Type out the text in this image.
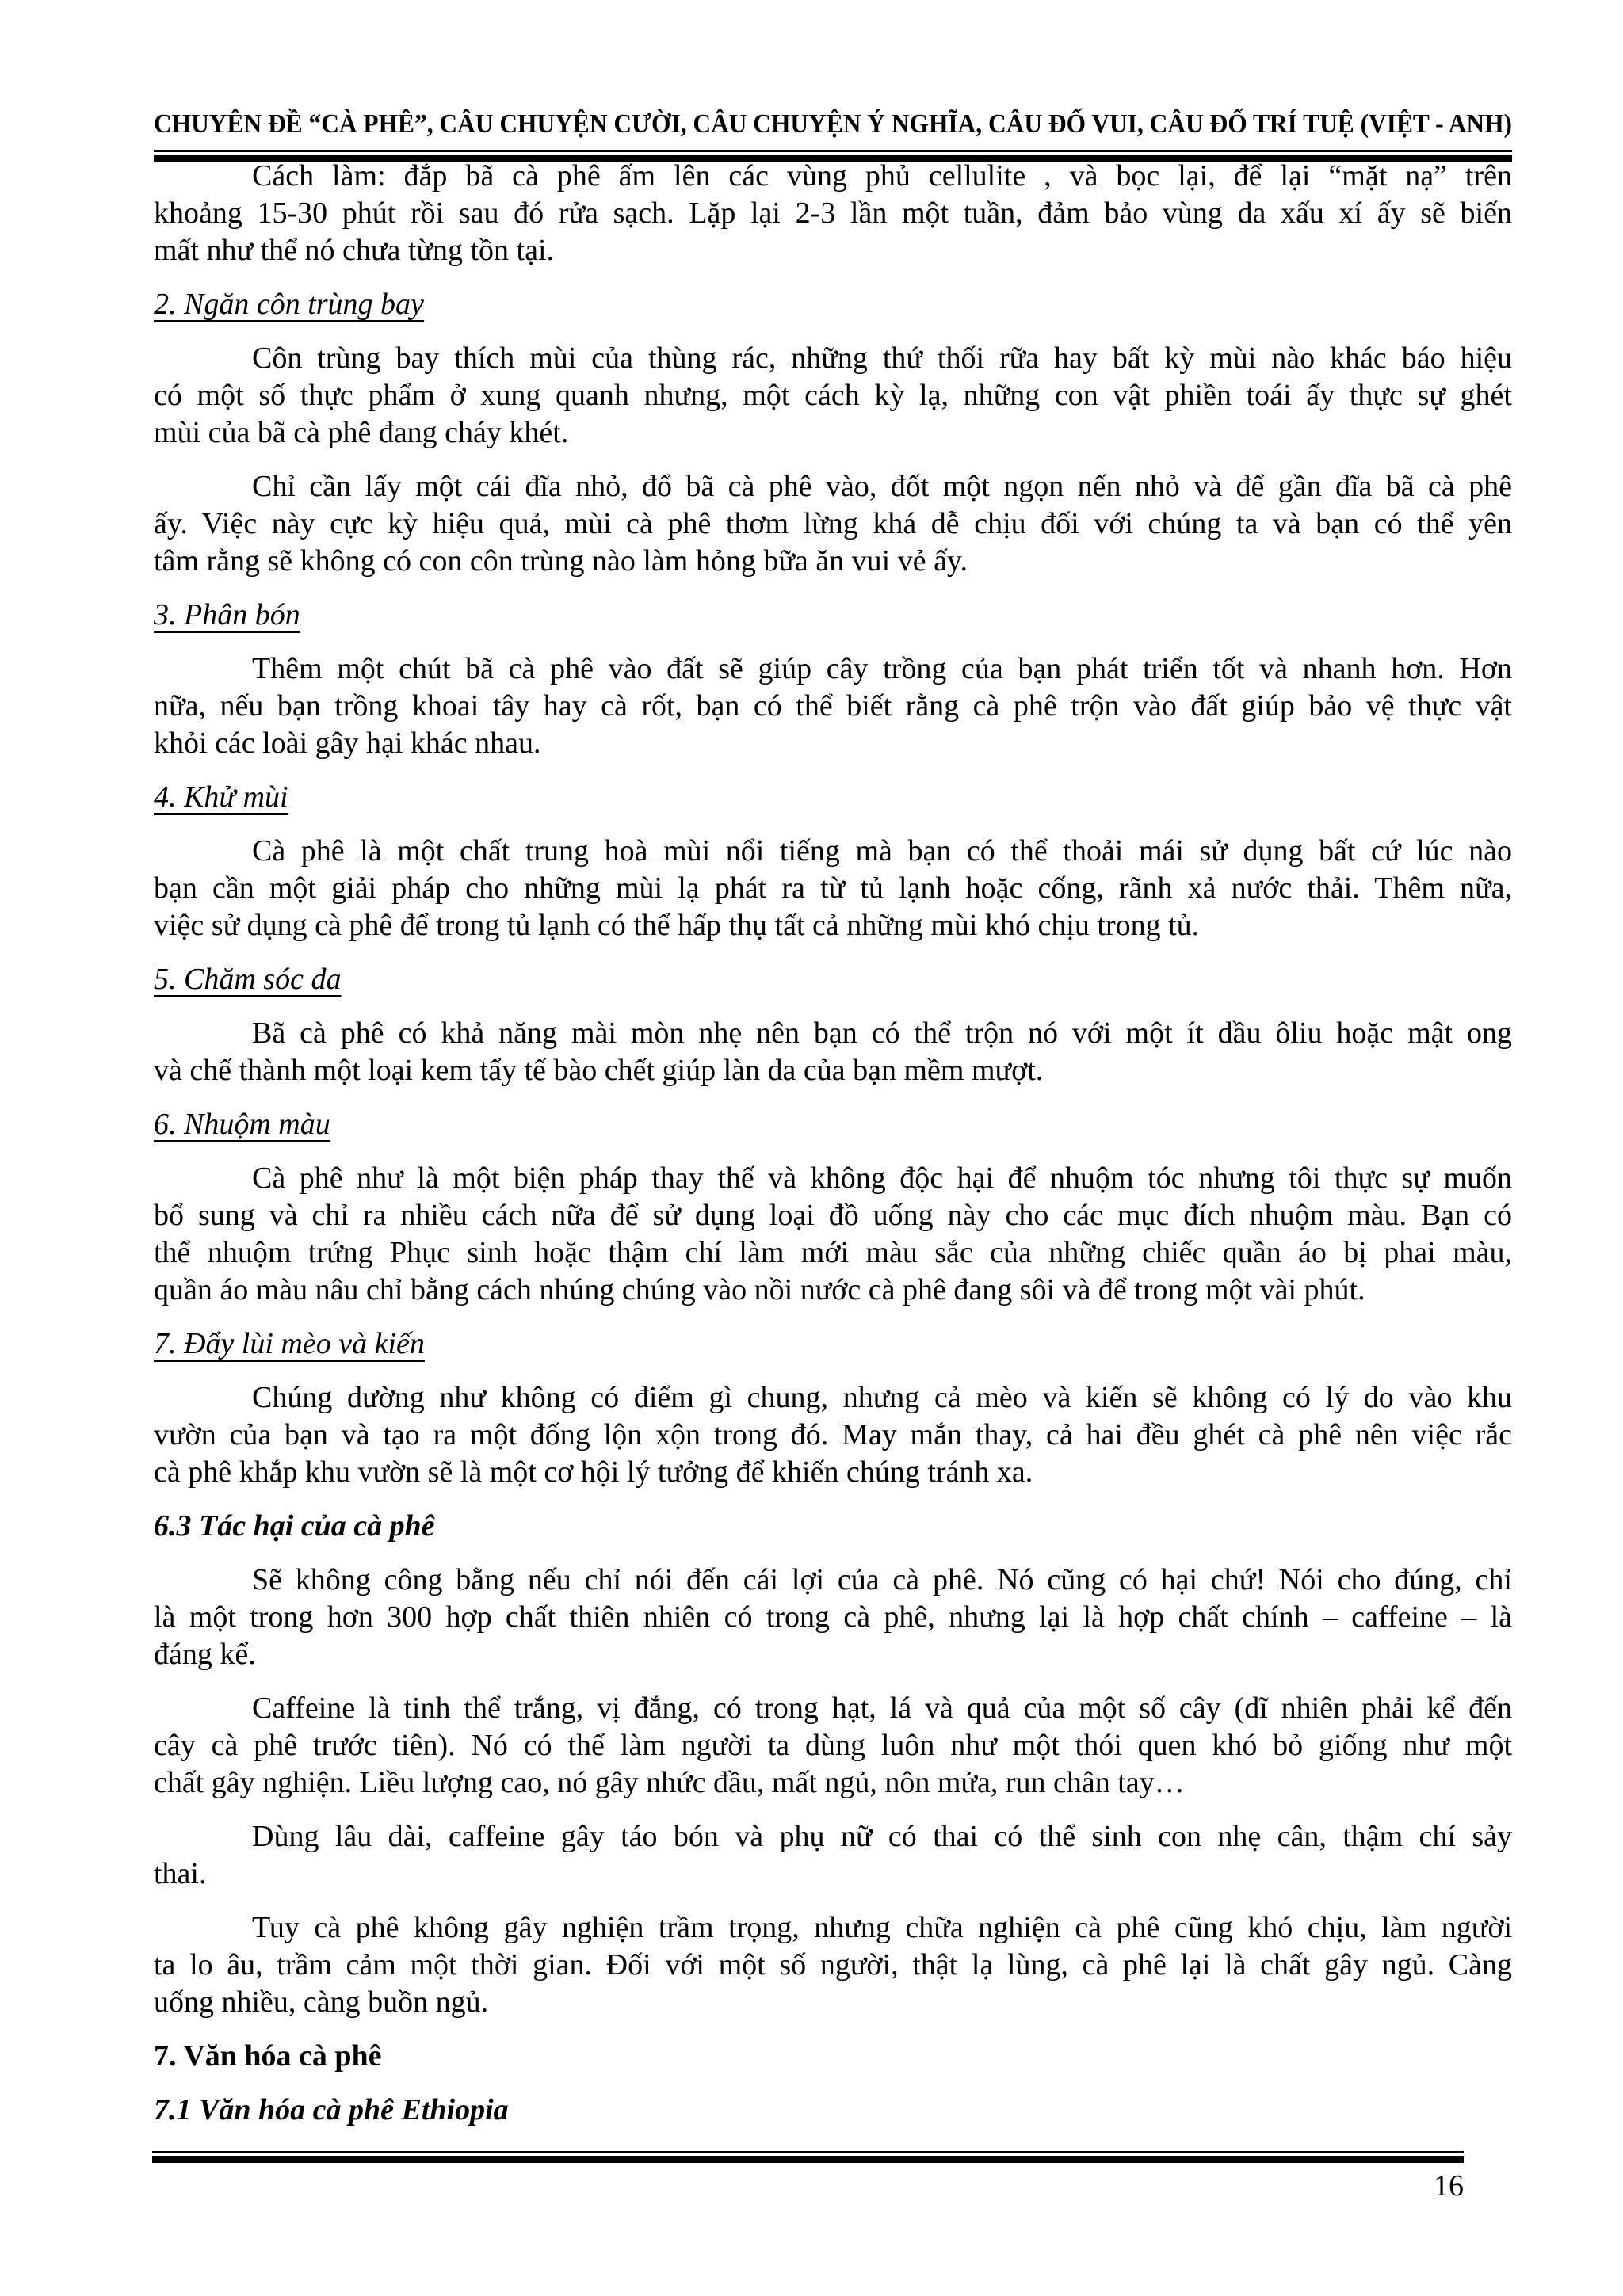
CHUYÊN ĐỀ “CÀ PHÊ”, CÂU CHUYỆN CƯỜI, CÂU CHUYỆN Ý NGHĨA, CÂU ĐỐ VUI, CÂU ĐỐ TRÍ TUỆ (VIỆT - ANH)
Cách làm: đắp bã cà phê ấm lên các vùng phủ cellulite , và bọc lại, để lại “mặt nạ” trên
khoảng 15-30 phút rồi sau đó rửa sạch. Lặp lại 2-3 lần một tuần, đảm bảo vùng da xấu xí ấy sẽ biến
mất như thể nó chưa từng tồn tại.
2. Ngăn côn trùng bay
Côn trùng bay thích mùi của thùng rác, những thứ thối rữa hay bất kỳ mùi nào khác báo hiệu
có một số thực phẩm ở xung quanh nhưng, một cách kỳ lạ, những con vật phiền toái ấy thực sự ghét
mùi của bã cà phê đang cháy khét.
Chỉ cần lấy một cái đĩa nhỏ, đổ bã cà phê vào, đốt một ngọn nến nhỏ và để gần đĩa bã cà phê
ấy. Việc này cực kỳ hiệu quả, mùi cà phê thơm lừng khá dễ chịu đối với chúng ta và bạn có thể yên
tâm rằng sẽ không có con côn trùng nào làm hỏng bữa ăn vui vẻ ấy.
3. Phân bón
Thêm một chút bã cà phê vào đất sẽ giúp cây trồng của bạn phát triển tốt và nhanh hơn. Hơn
nữa, nếu bạn trồng khoai tây hay cà rốt, bạn có thể biết rằng cà phê trộn vào đất giúp bảo vệ thực vật
khỏi các loài gây hại khác nhau.
4. Khử mùi
Cà phê là một chất trung hoà mùi nổi tiếng mà bạn có thể thoải mái sử dụng bất cứ lúc nào
bạn cần một giải pháp cho những mùi lạ phát ra từ tủ lạnh hoặc cống, rãnh xả nước thải. Thêm nữa,
việc sử dụng cà phê để trong tủ lạnh có thể hấp thụ tất cả những mùi khó chịu trong tủ.
5. Chăm sóc da
Bã cà phê có khả năng mài mòn nhẹ nên bạn có thể trộn nó với một ít dầu ôliu hoặc mật ong
và chế thành một loại kem tẩy tế bào chết giúp làn da của bạn mềm mượt.
6. Nhuộm màu
Cà phê như là một biện pháp thay thế và không độc hại để nhuộm tóc nhưng tôi thực sự muốn
bổ sung và chỉ ra nhiều cách nữa để sử dụng loại đồ uống này cho các mục đích nhuộm màu. Bạn có
thể nhuộm trứng Phục sinh hoặc thậm chí làm mới màu sắc của những chiếc quần áo bị phai màu,
quần áo màu nâu chỉ bằng cách nhúng chúng vào nồi nước cà phê đang sôi và để trong một vài phút.
7. Đẩy lùi mèo và kiến
Chúng dường như không có điểm gì chung, nhưng cả mèo và kiến sẽ không có lý do vào khu
vườn của bạn và tạo ra một đống lộn xộn trong đó. May mắn thay, cả hai đều ghét cà phê nên việc rắc
cà phê khắp khu vườn sẽ là một cơ hội lý tưởng để khiến chúng tránh xa.
6.3 Tác hại của cà phê
Sẽ không công bằng nếu chỉ nói đến cái lợi của cà phê. Nó cũng có hại chứ! Nói cho đúng, chỉ
là một trong hơn 300 hợp chất thiên nhiên có trong cà phê, nhưng lại là hợp chất chính – caffeine – là
đáng kể.
Caffeine là tinh thể trắng, vị đắng, có trong hạt, lá và quả của một số cây (dĩ nhiên phải kể đến
cây cà phê trước tiên). Nó có thể làm người ta dùng luôn như một thói quen khó bỏ giống như một
chất gây nghiện. Liều lượng cao, nó gây nhức đầu, mất ngủ, nôn mửa, run chân tay…
Dùng lâu dài, caffeine gây táo bón và phụ nữ có thai có thể sinh con nhẹ cân, thậm chí sảy
thai.
Tuy cà phê không gây nghiện trầm trọng, nhưng chữa nghiện cà phê cũng khó chịu, làm người
ta lo âu, trầm cảm một thời gian. Đối với một số người, thật lạ lùng, cà phê lại là chất gây ngủ. Càng
uống nhiều, càng buồn ngủ.
7. Văn hóa cà phê
7.1 Văn hóa cà phê Ethiopia
16
